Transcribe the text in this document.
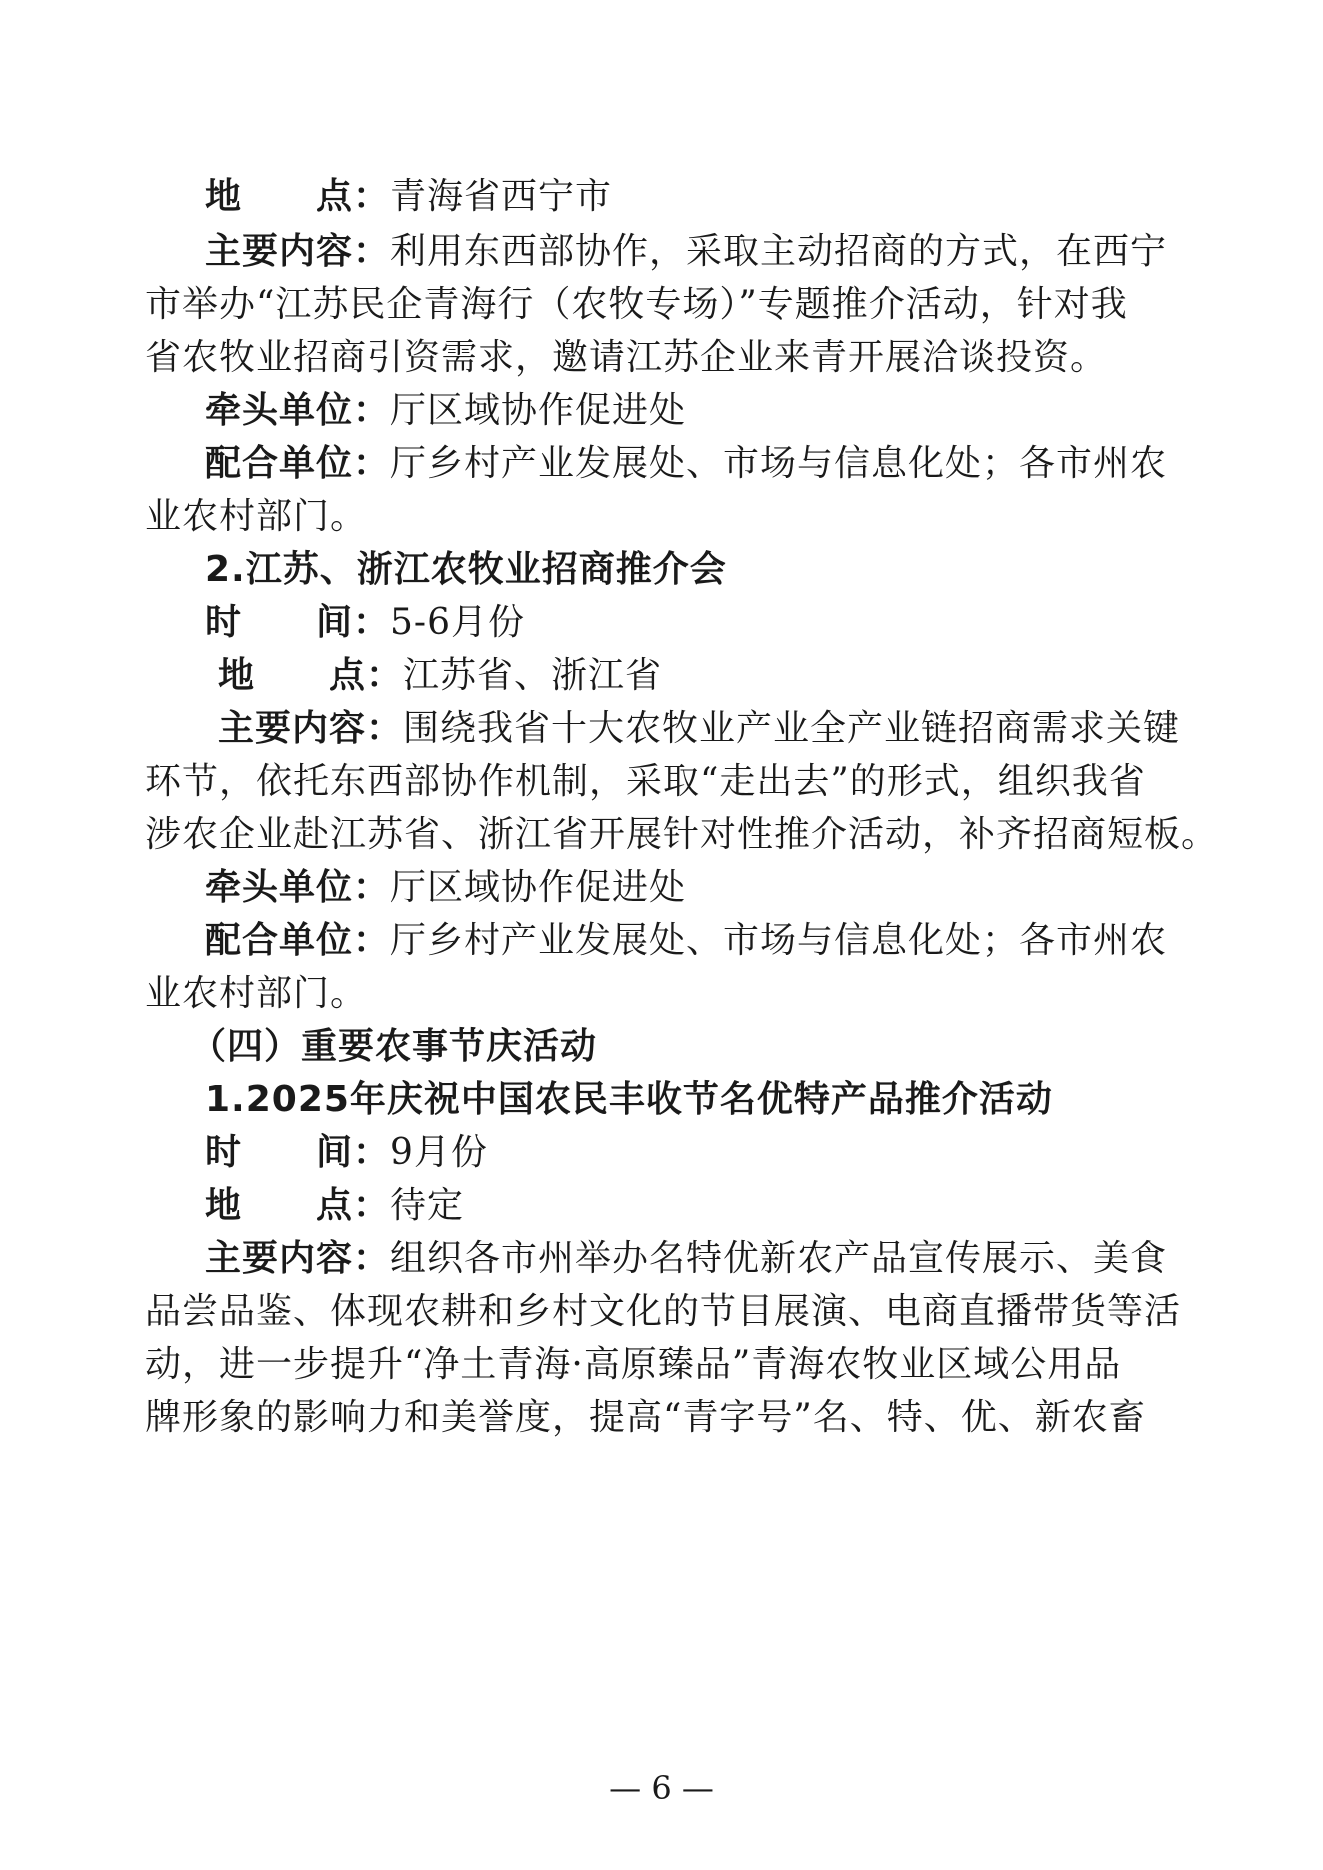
地　　点：青海省西宁市
主要内容：利用东西部协作，采取主动招商的方式，在西宁
市举办“江苏民企青海行（农牧专场）”专题推介活动，针对我
省农牧业招商引资需求，邀请江苏企业来青开展洽谈投资。
牵头单位：厅区域协作促进处
配合单位：厅乡村产业发展处、市场与信息化处；各市州农
业农村部门。
2.江苏、浙江农牧业招商推介会
时　　间：5-6月份
地　　点：江苏省、浙江省
主要内容：围绕我省十大农牧业产业全产业链招商需求关键
环节，依托东西部协作机制，采取“走出去”的形式，组织我省
涉农企业赴江苏省、浙江省开展针对性推介活动，补齐招商短板。
牵头单位：厅区域协作促进处
配合单位：厅乡村产业发展处、市场与信息化处；各市州农
业农村部门。
（四）重要农事节庆活动
1.2025年庆祝中国农民丰收节名优特产品推介活动
时　　间：9月份
地　　点：待定
主要内容：组织各市州举办名特优新农产品宣传展示、美食
品尝品鉴、体现农耕和乡村文化的节目展演、电商直播带货等活
动，进一步提升“净土青海·高原臻品”青海农牧业区域公用品
牌形象的影响力和美誉度，提高“青字号”名、特、优、新农畜
— 6 —
